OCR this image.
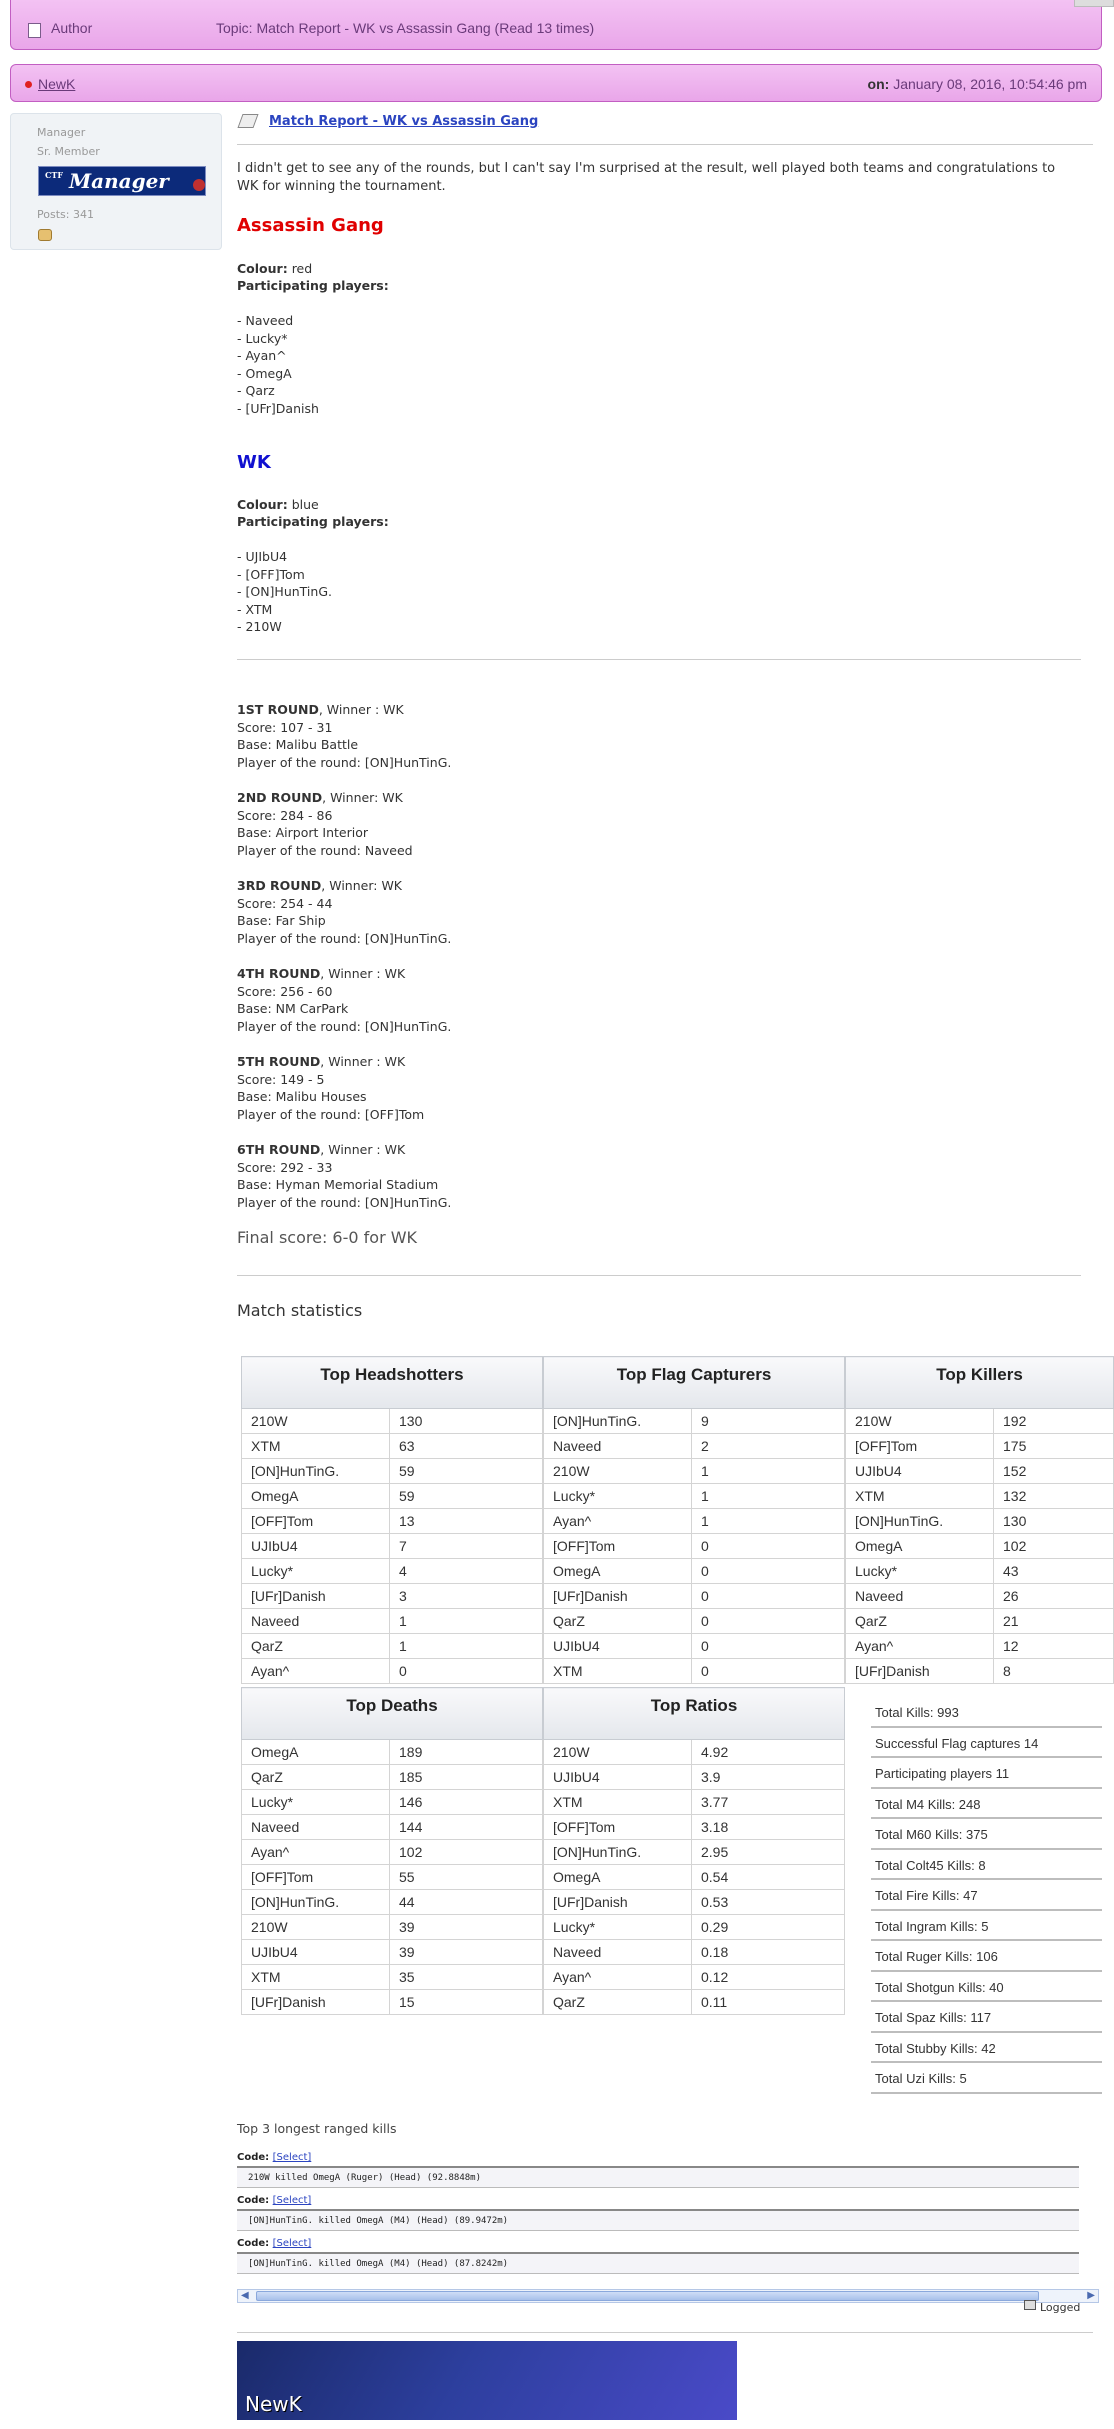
Author	Topic: Match Report - WK vs Assassin Gang (Read 13 times)
NewK	on: January 08, 2016, 10:54:46 pm
Manager
Sr. Member
CTF Manager
Posts: 341
Match Report - WK vs Assassin Gang
I didn't get to see any of the rounds, but I can't say I'm surprised at the result, well played both teams and congratulations to WK for winning the tournament.
Assassin Gang
Colour: red
Participating players:
- Naveed
- Lucky*
- Ayan^
- OmegA
- Qarz
- [UFr]Danish
WK
Colour: blue
Participating players:
- UJIbU4
- [OFF]Tom
- [ON]HunTinG.
- XTM
- 210W
1ST ROUND, Winner : WK
Score: 107 - 31
Base: Malibu Battle
Player of the round: [ON]HunTinG.
2ND ROUND, Winner: WK
Score: 284 - 86
Base: Airport Interior
Player of the round: Naveed
3RD ROUND, Winner: WK
Score: 254 - 44
Base: Far Ship
Player of the round: [ON]HunTinG.
4TH ROUND, Winner : WK
Score: 256 - 60
Base: NM CarPark
Player of the round: [ON]HunTinG.
5TH ROUND, Winner : WK
Score: 149 - 5
Base: Malibu Houses
Player of the round: [OFF]Tom
6TH ROUND, Winner : WK
Score: 292 - 33
Base: Hyman Memorial Stadium
Player of the round: [ON]HunTinG.
Final score: 6-0 for WK
Match statistics
Top Headshotters	
210W	130
XTM	63
[ON]HunTinG.	59
OmegA	59
[OFF]Tom	13
UJIbU4	7
Lucky*	4
[UFr]Danish	3
Naveed	1
QarZ	1
Ayan^	0
Top Flag Capturers	
[ON]HunTinG.	9
Naveed	2
210W	1
Lucky*	1
Ayan^	1
[OFF]Tom	0
OmegA	0
[UFr]Danish	0
QarZ	0
UJIbU4	0
XTM	0
Top Killers	
210W	192
[OFF]Tom	175
UJIbU4	152
XTM	132
[ON]HunTinG.	130
OmegA	102
Lucky*	43
Naveed	26
QarZ	21
Ayan^	12
[UFr]Danish	8
Top Deaths	
OmegA	189
QarZ	185
Lucky*	146
Naveed	144
Ayan^	102
[OFF]Tom	55
[ON]HunTinG.	44
210W	39
UJIbU4	39
XTM	35
[UFr]Danish	15
Top Ratios	
210W	4.92
UJIbU4	3.9
XTM	3.77
[OFF]Tom	3.18
[ON]HunTinG.	2.95
OmegA	0.54
[UFr]Danish	0.53
Lucky*	0.29
Naveed	0.18
Ayan^	0.12
QarZ	0.11
Total Kills: 993
Successful Flag captures 14
Participating players 11
Total M4 Kills: 248
Total M60 Kills: 375
Total Colt45 Kills: 8
Total Fire Kills: 47
Total Ingram Kills: 5
Total Ruger Kills: 106
Total Shotgun Kills: 40
Total Spaz Kills: 117
Total Stubby Kills: 42
Total Uzi Kills: 5
Top 3 longest ranged kills
Code: [Select]
210W killed OmegA (Ruger) (Head) (92.8848m)
Code: [Select]
[ON]HunTinG. killed OmegA (M4) (Head) (89.9472m)
Code: [Select]
[ON]HunTinG. killed OmegA (M4) (Head) (87.8242m)
◀	▶
Logged
NewK
